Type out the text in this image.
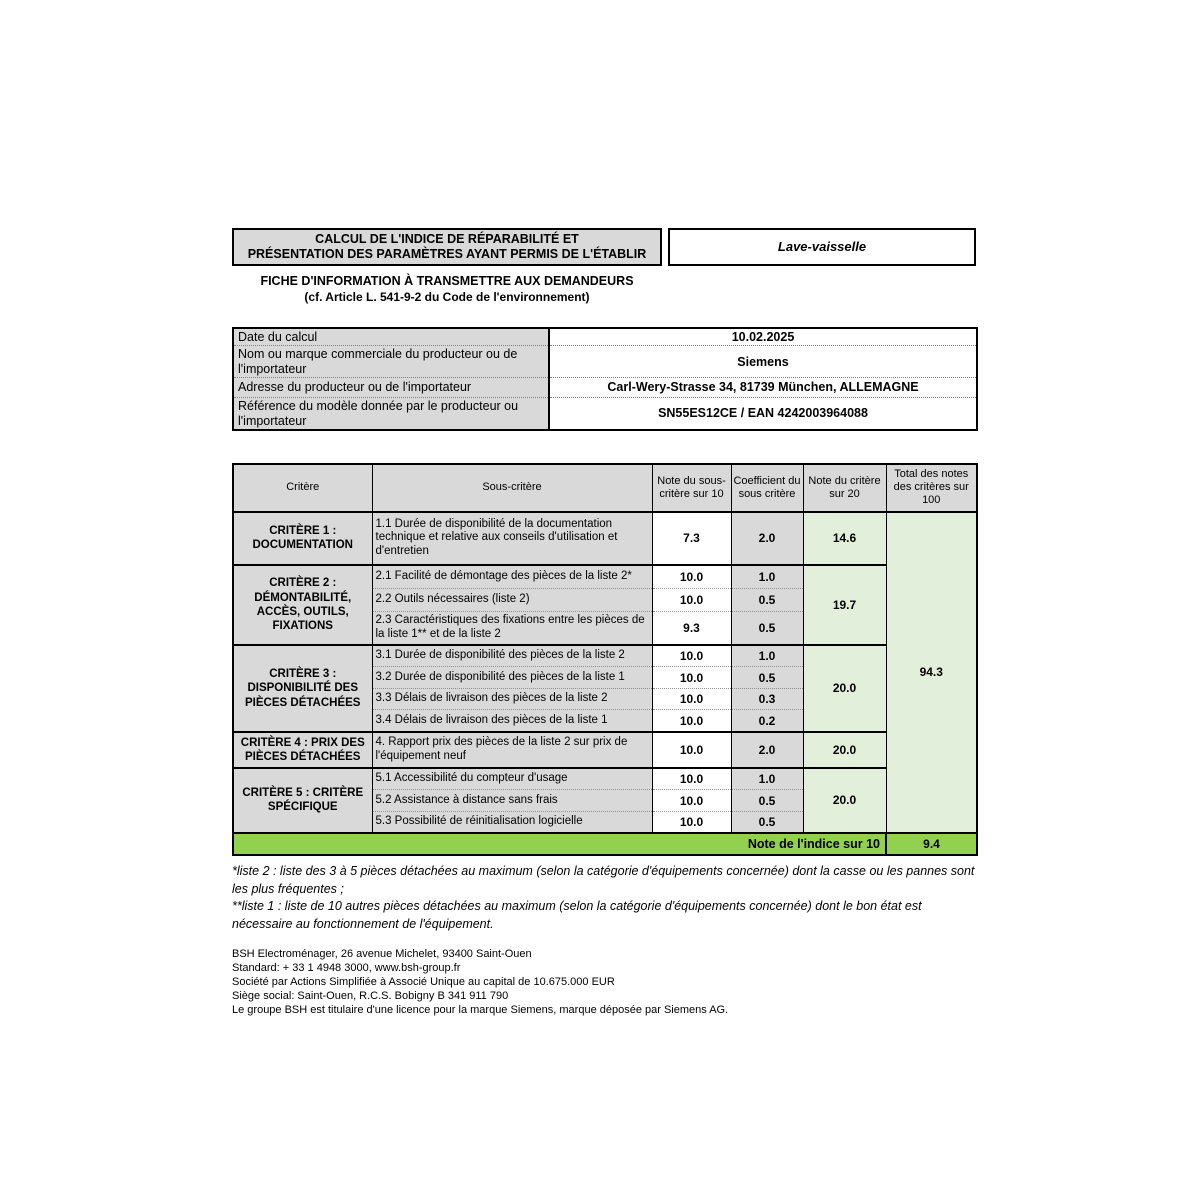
CALCUL DE L'INDICE DE RÉPARABILITÉ ET
PRÉSENTATION DES PARAMÈTRES AYANT PERMIS DE L'ÉTABLIR	Lave-vaisselle
FICHE D'INFORMATION À TRANSMETTRE AUX DEMANDEURS
(cf. Article L. 541-9-2 du Code de l'environnement)
Date du calcul	10.02.2025
Nom ou marque commerciale du producteur ou de l'importateur	Siemens
Adresse du producteur ou de l'importateur	Carl-Wery-Strasse 34, 81739 München, ALLEMAGNE
Référence du modèle donnée par le producteur ou l'importateur	SN55ES12CE / EAN 4242003964088
Critère	Sous-critère	Note du sous-critère sur 10	Coefficient du sous critère	Note du critère sur 20	Total des notes des critères sur 100
CRITÈRE 1 : DOCUMENTATION	1.1 Durée de disponibilité de la documentation technique et relative aux conseils d'utilisation et d'entretien	7.3	2.0	14.6	94.3
CRITÈRE 2 : DÉMONTABILITÉ, ACCÈS, OUTILS, FIXATIONS	2.1 Facilité de démontage des pièces de la liste 2*	10.0	1.0	19.7	
	2.2 Outils nécessaires (liste 2)	10.0	0.5		
	2.3 Caractéristiques des fixations entre les pièces de la liste 1** et de la liste 2	9.3	0.5		
CRITÈRE 3 : DISPONIBILITÉ DES PIÈCES DÉTACHÉES	3.1 Durée de disponibilité des pièces de la liste 2	10.0	1.0	20.0	
	3.2 Durée de disponibilité des pièces de la liste 1	10.0	0.5		
	3.3 Délais de livraison des pièces de la liste 2	10.0	0.3		
	3.4 Délais de livraison des pièces de la liste 1	10.0	0.2		
CRITÈRE 4 : PRIX DES PIÈCES DÉTACHÉES	4. Rapport prix des pièces de la liste 2 sur prix de l'équipement neuf	10.0	2.0	20.0	
CRITÈRE 5 : CRITÈRE SPÉCIFIQUE	5.1 Accessibilité du compteur d'usage	10.0	1.0	20.0	
	5.2 Assistance à distance sans frais	10.0	0.5		
	5.3 Possibilité de réinitialisation logicielle	10.0	0.5		
Note de l'indice sur 10					9.4
*liste 2 : liste des 3 à 5 pièces détachées au maximum (selon la catégorie d'équipements concernée) dont la casse ou les pannes sont les plus fréquentes ;
**liste 1 : liste de 10 autres pièces détachées au maximum (selon la catégorie d'équipements concernée) dont le bon état est nécessaire au fonctionnement de l'équipement.
BSH Electroménager, 26 avenue Michelet, 93400 Saint-Ouen
Standard: + 33 1 4948 3000, www.bsh-group.fr
Société par Actions Simplifiée à Associé Unique au capital de 10.675.000 EUR
Siège social: Saint-Ouen, R.C.S. Bobigny B 341 911 790
Le groupe BSH est titulaire d'une licence pour la marque Siemens, marque déposée par Siemens AG.
